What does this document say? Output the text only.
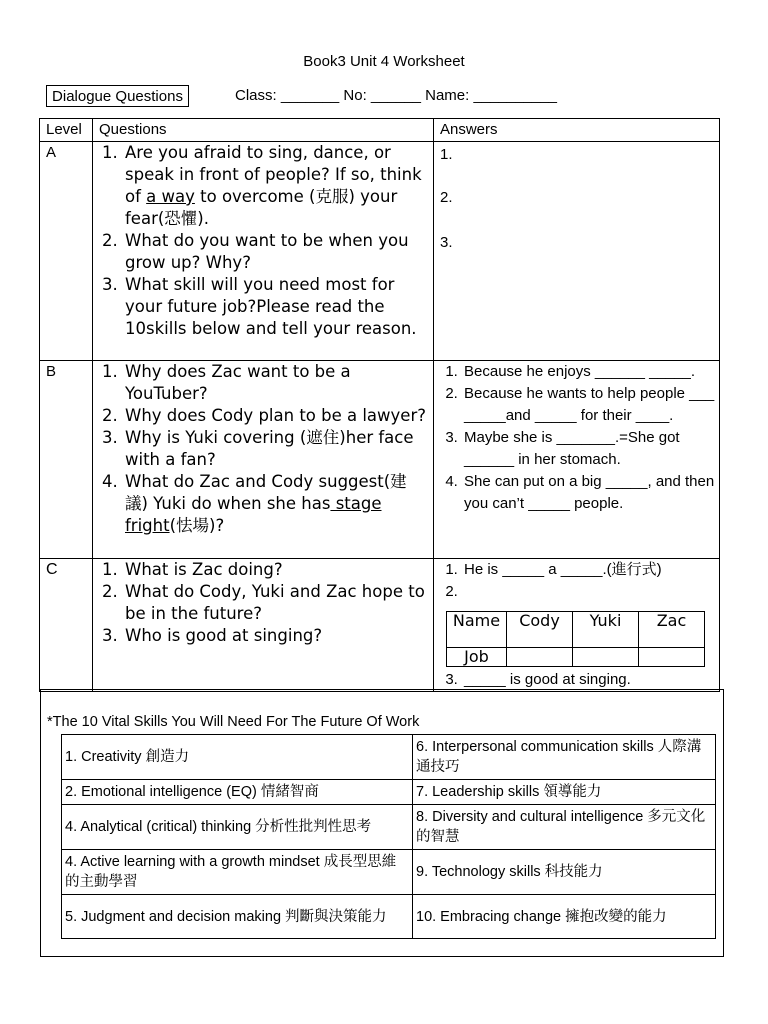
Book3 Unit 4 Worksheet
Dialogue Questions	Class: _______ No: ______ Name: __________
Level	Questions	Answers
A	
1.Are you afraid to sing, dance, or speak in front of people? If so, think of a way to overcome (克服) your fear(恐懼).
2. What do you want to be when you grow up? Why?
3. What skill will you need most for your future job?Please read the 10skills below and tell your reason.

1.
2.
3.

B	
1.Why does Zac want to be a YouTuber?
2. Why does Cody plan to be a lawyer?
3. Why is Yuki covering (遮住)her face with a fan?
4. What do Zac and Cody suggest(建議) Yuki do when she has stage fright(怯場)?

1. Because he enjoys ______ _____.
2. Because he wants to help people ___ _____and _____ for their ____.
3. Maybe she is _______.=She got ______ in her stomach.
4. She can put on a big _____, and then you can’t _____ people.

C	
1.What is Zac doing?
2. What do Cody, Yuki and Zac hope to be in the future?
3. Who is good at singing?

1. He is _____ a _____.(進行式)
2.
Name	Cody	Yuki	Zac
Job			
3. _____ is good at singing.
*The 10 Vital Skills You Will Need For The Future Of Work
1. Creativity 創造力	6. Interpersonal communication skills 人際溝通技巧
2. Emotional intelligence (EQ) 情緒智商	7. Leadership skills 領導能力
4. Analytical (critical) thinking 分析性批判性思考	8. Diversity and cultural intelligence 多元文化的智慧
4. Active learning with a growth mindset 成長型思維的主動學習	9. Technology skills 科技能力
5. Judgment and decision making 判斷與決策能力	10. Embracing change 擁抱改變的能力
